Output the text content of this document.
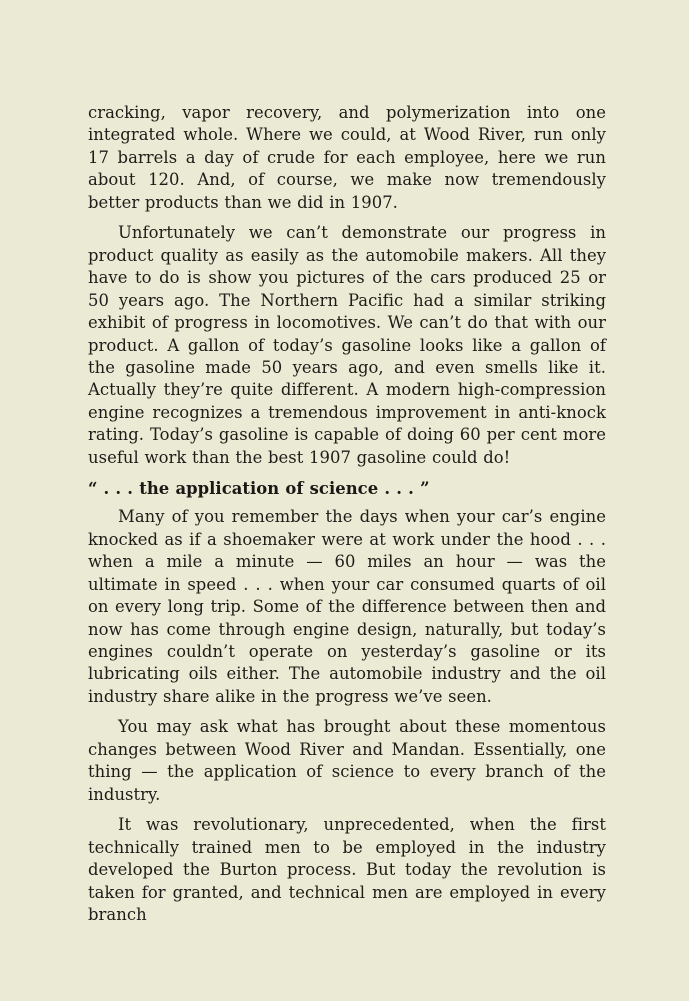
cracking, vapor recovery, and polymerization into one integrated whole. Where we could, at Wood River, run only 17 barrels a day of crude for each employee, here we run about 120. And, of course, we make now tremendously better products than we did in 1907.

Unfortunately we can’t demonstrate our progress in product quality as easily as the automobile makers. All they have to do is show you pictures of the cars produced 25 or 50 years ago. The Northern Pacific had a similar striking exhibit of progress in locomotives. We can’t do that with our product. A gallon of today’s gasoline looks like a gallon of the gasoline made 50 years ago, and even smells like it. Actually they’re quite different. A modern high-compression engine recognizes a tremendous improvement in anti-knock rating. Today’s gasoline is capable of doing 60 per cent more useful work than the best 1907 gasoline could do!

“ . . . the application of science . . . ”

Many of you remember the days when your car’s engine knocked as if a shoemaker were at work under the hood . . . when a mile a minute — 60 miles an hour — was the ultimate in speed . . . when your car consumed quarts of oil on every long trip. Some of the difference between then and now has come through engine design, naturally, but today’s engines couldn’t operate on yesterday’s gasoline or its lubricating oils either. The automobile industry and the oil industry share alike in the progress we’ve seen.

You may ask what has brought about these momentous changes between Wood River and Mandan. Essentially, one thing — the application of science to every branch of the industry.

It was revolutionary, unprecedented, when the first technically trained men to be employed in the industry developed the Burton process. But today the revolution is taken for granted, and technical men are employed in every branch
